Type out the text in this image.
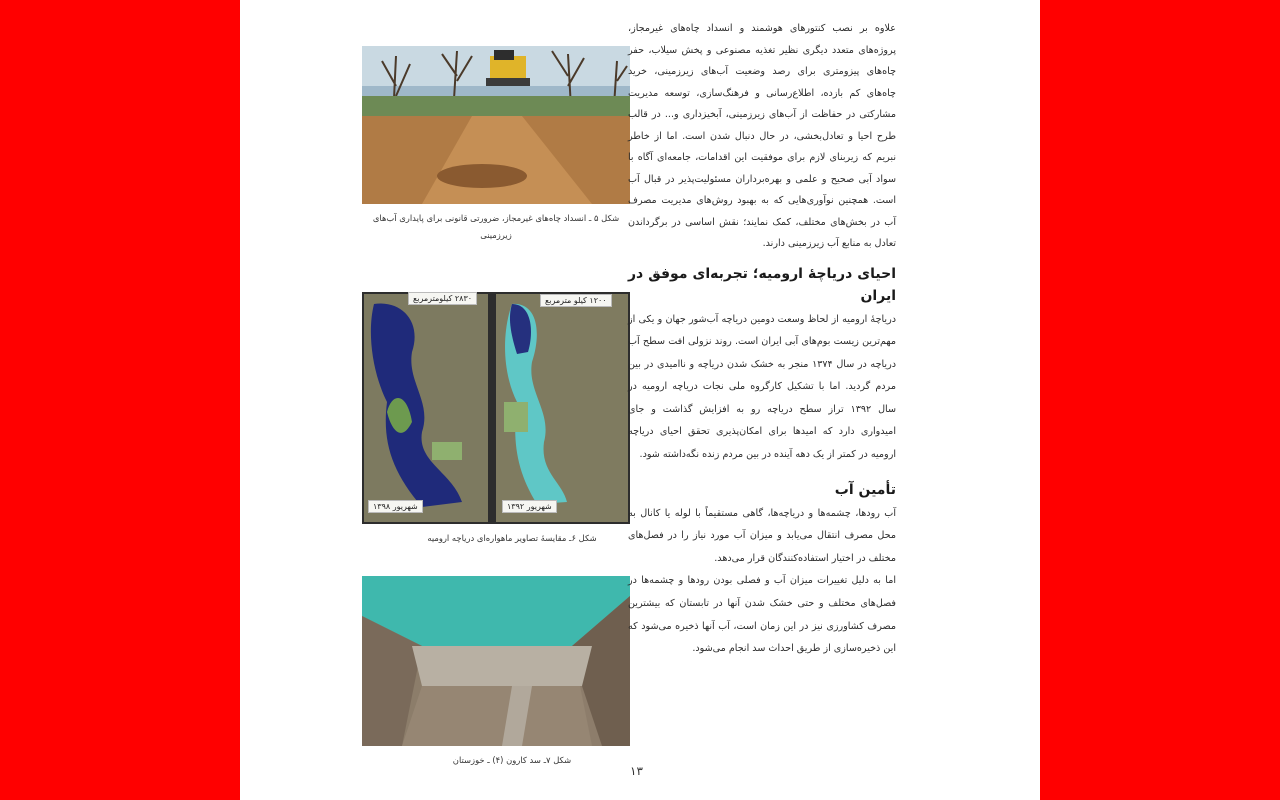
شکل ۵ ـ انسداد چاه‌های غیرمجاز، ضرورتی قانونی برای پایداری آب‌های زیرزمینی
۲۸۳۰ کیلومترمربع
شهریور ۱۳۹۸
۱۲۰۰ کیلو مترمربع
شهریور ۱۳۹۲
شکل ۶ـ مقایسۀ تصاویر ماهواره‌ای دریاچه ارومیه
شکل ۷ـ سد کارون (۴) ـ خوزستان

علاوه بر نصب کنتورهای هوشمند و انسداد چاه‌های غیرمجاز، پروژه‌های متعدد دیگری نظیر تغذیه مصنوعی و پخش سیلاب، حفر چاه‌های پیزومتری برای رصد وضعیت آب‌های زیرزمینی، خرید چاه‌های کم بازده، اطلاع‌رسانی و فرهنگ‌سازی، توسعه مدیریت مشارکتی در حفاظت از آب‌های زیرزمینی، آبخیزداری و... در قالب طرح احیا و تعادل‌بخشی، در حال دنبال شدن است. اما از خاطر نبریم که زیربنای لازم برای موفقیت این اقدامات، جامعه‌ای آگاه با سواد آبی صحیح و علمی و بهره‌برداران مسئولیت‌پذیر در قبال آب است. همچنین نوآوری‌هایی که به بهبود روش‌های مدیریت مصرف آب در بخش‌های مختلف، کمک نمایند؛ نقش اساسی در برگرداندن تعادل به منابع آب زیرزمینی دارند.

احیای دریاچۀ ارومیه؛ تجربه‌ای موفق در ایران

دریاچۀ ارومیه از لحاظ وسعت دومین دریاچه آب‌شور جهان و یکی از مهم‌ترین زیست بوم‌های آبی ایران است. روند نزولی افت سطح آب دریاچه در سال ۱۳۷۴ منجر به خشک شدن دریاچه و ناامیدی در بین مردم گردید. اما با تشکیل کارگروه ملی نجات دریاچه ارومیه در سال ۱۳۹۲ تراز سطح دریاچه رو به افزایش گذاشت و جای امیدواری دارد که امیدها برای امکان‌پذیری تحقق احیای دریاچه ارومیه در کمتر از یک دهه آینده در بین مردم زنده نگه‌داشته شود.

تأمین آب

آب رودها، چشمه‌ها و دریاچه‌ها، گاهی مستقیماً با لوله یا کانال به محل مصرف انتقال می‌یابد و میزان آب مورد نیاز را در فصل‌های مختلف در اختیار استفاده‌کنندگان قرار می‌دهد.

اما به دلیل تغییرات میزان آب و فصلی بودن رودها و چشمه‌ها در فصل‌های مختلف و حتی خشک شدن آنها در تابستان که بیشترین مصرف کشاورزی نیز در این زمان است، آب آنها ذخیره می‌شود که این ذخیره‌سازی از طریق احداث سد انجام می‌شود.

۱۳
